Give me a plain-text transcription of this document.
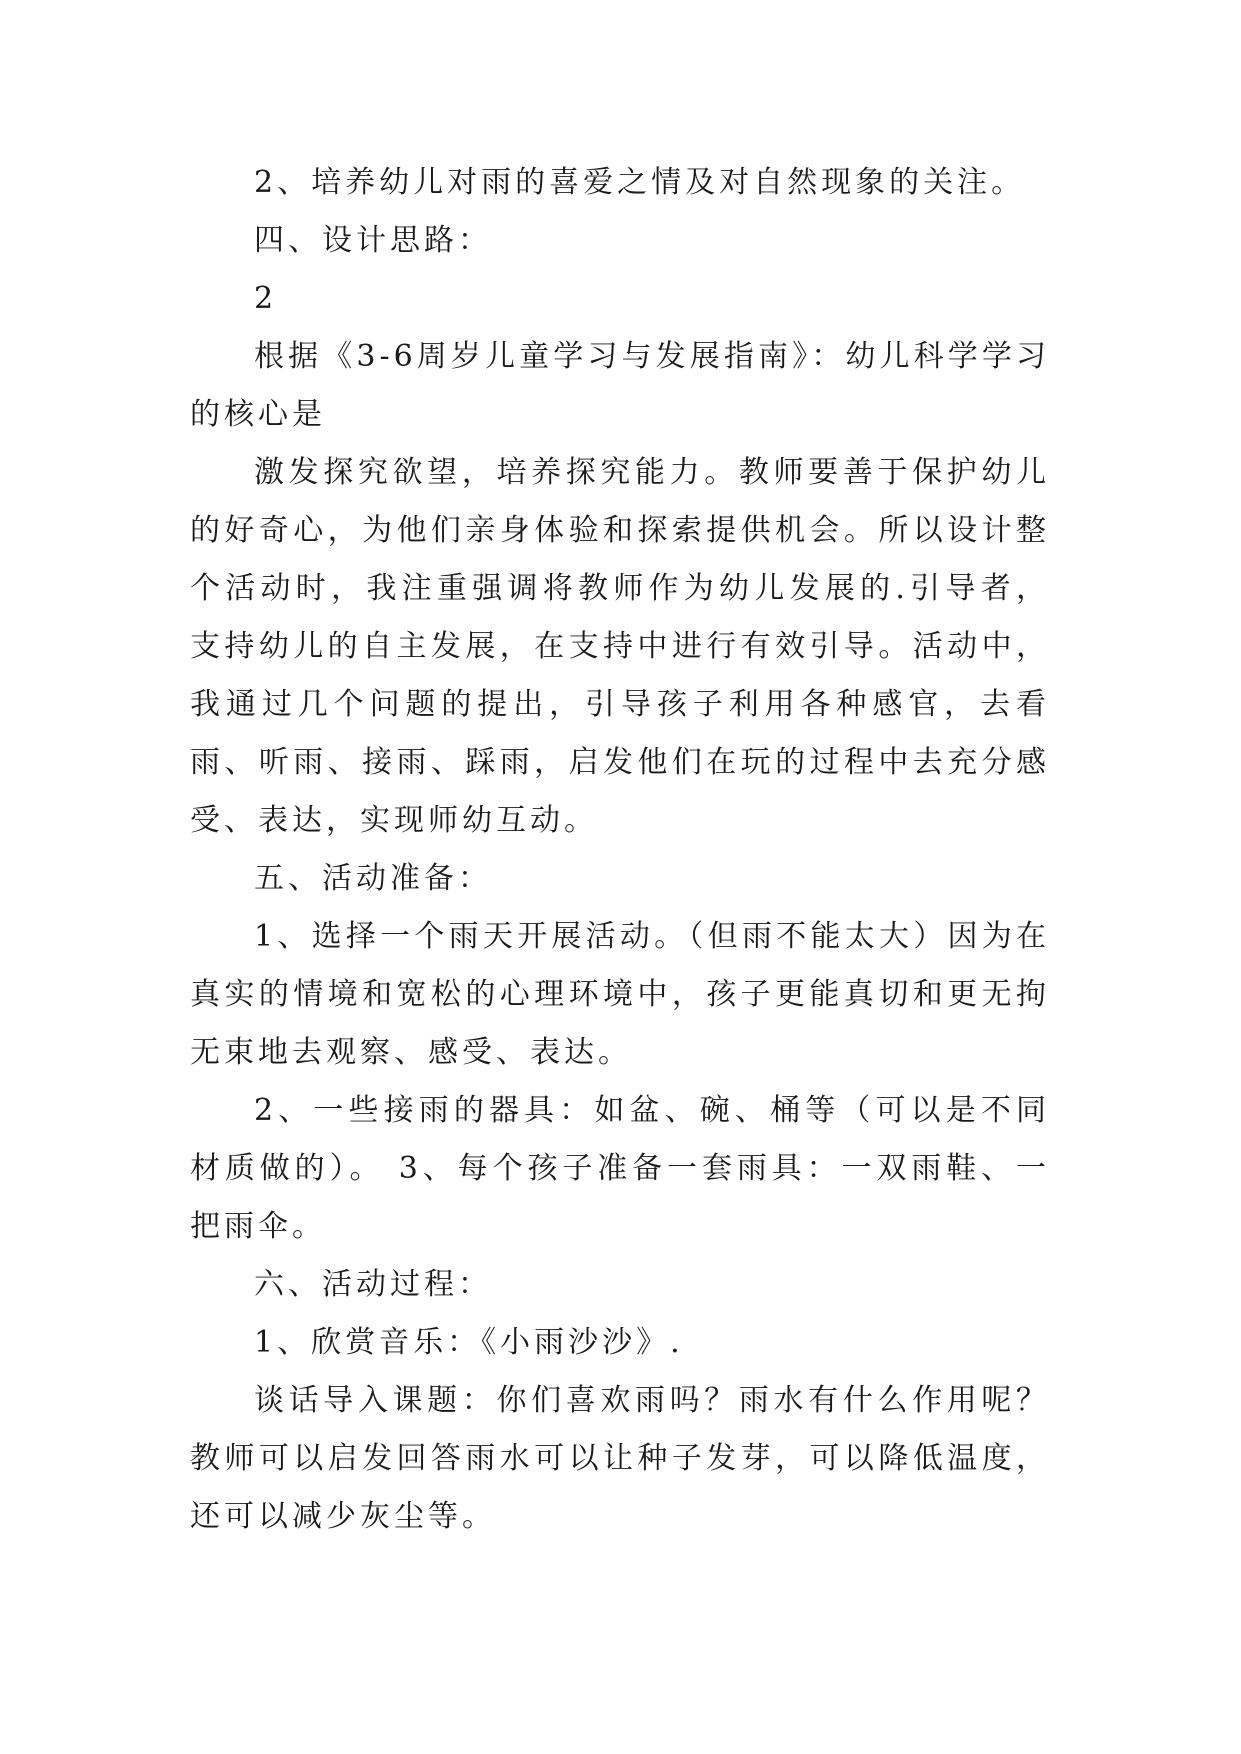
2、培养幼儿对雨的喜爱之情及对自然现象的关注。

四、设计思路：

2

根据《3-6周岁儿童学习与发展指南》：幼儿科学学习的核心是

激发探究欲望，培养探究能力。教师要善于保护幼儿的好奇心，为他们亲身体验和探索提供机会。所以设计整个活动时，我注重强调将教师作为幼儿发展的.引导者，支持幼儿的自主发展，在支持中进行有效引导。活动中，我通过几个问题的提出，引导孩子利用各种感官，去看雨、听雨、接雨、踩雨，启发他们在玩的过程中去充分感受、表达，实现师幼互动。

五、活动准备：

1、选择一个雨天开展活动。（但雨不能太大）因为在真实的情境和宽松的心理环境中，孩子更能真切和更无拘无束地去观察、感受、表达。

2、一些接雨的器具：如盆、碗、桶等（可以是不同材质做的）。 3、每个孩子准备一套雨具：一双雨鞋、一把雨伞。

六、活动过程：

1、欣赏音乐：《小雨沙沙》.

谈话导入课题：你们喜欢雨吗？雨水有什么作用呢？教师可以启发回答雨水可以让种子发芽，可以降低温度，还可以减少灰尘等。
